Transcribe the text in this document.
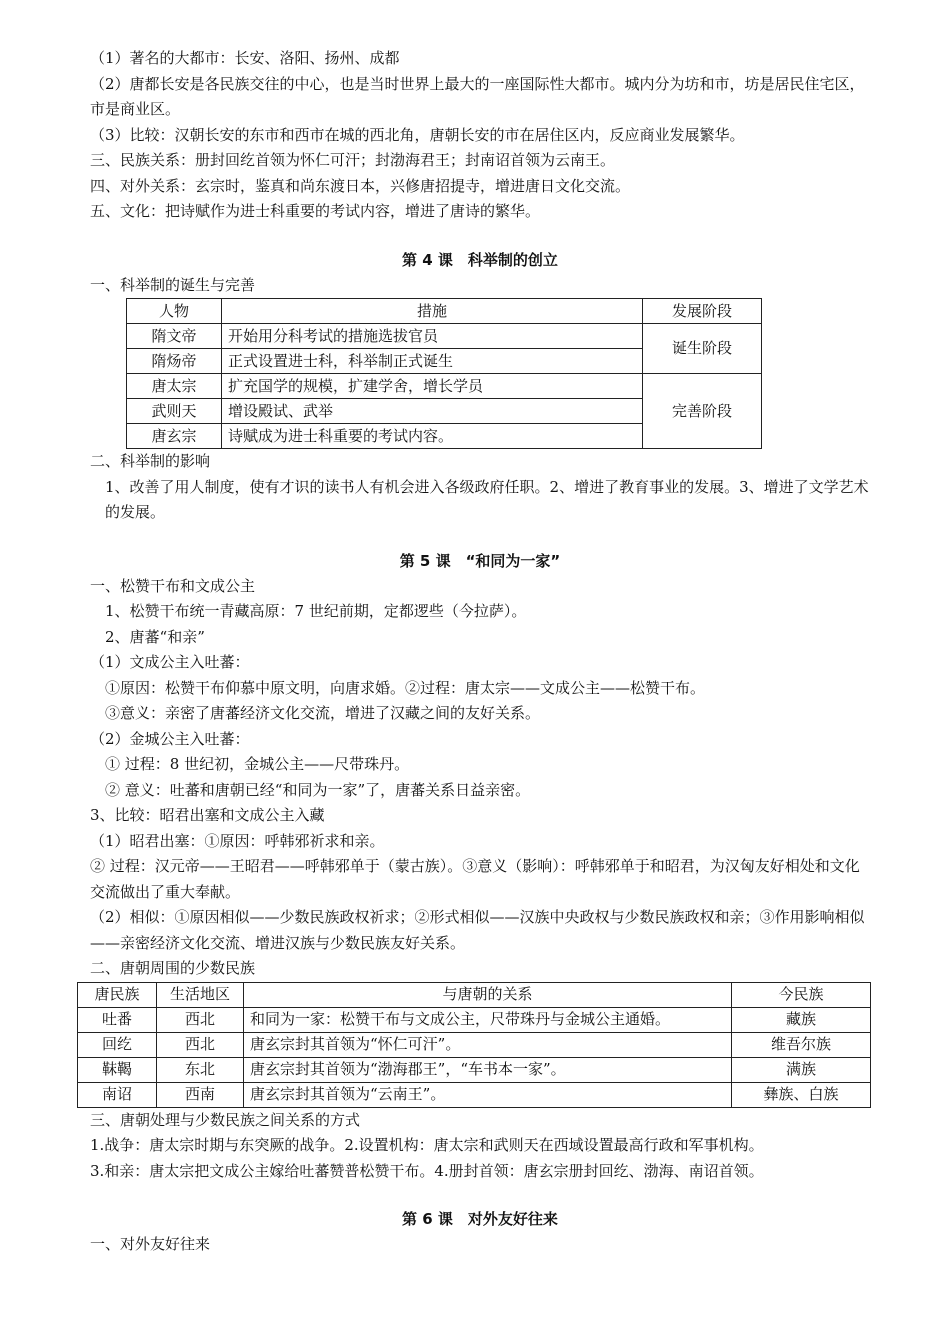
（1）著名的大都市：长安、洛阳、扬州、成都

（2）唐都长安是各民族交往的中心，也是当时世界上最大的一座国际性大都市。城内分为坊和市，坊是居民住宅区，市是商业区。

（3）比较：汉朝长安的东市和西市在城的西北角，唐朝长安的市在居住区内，反应商业发展繁华。

三、民族关系：册封回纥首领为怀仁可汗；封渤海君王；封南诏首领为云南王。

四、对外关系：玄宗时，鉴真和尚东渡日本，兴修唐招提寺，增进唐日文化交流。

五、文化：把诗赋作为进士科重要的考试内容，增进了唐诗的繁华。

第 4 课　科举制的创立

一、科举制的诞生与完善

人物	措施	发展阶段
隋文帝	开始用分科考试的措施选拔官员	诞生阶段
隋炀帝	正式设置进士科，科举制正式诞生	
唐太宗	扩充国学的规模，扩建学舍，增长学员	完善阶段
武则天	增设殿试、武举	
唐玄宗	诗赋成为进士科重要的考试内容。	

二、科举制的影响

1、改善了用人制度，使有才识的读书人有机会进入各级政府任职。2、增进了教育事业的发展。3、增进了文学艺术的发展。

第 5 课　“和同为一家”

一、松赞干布和文成公主

1、松赞干布统一青藏高原：7 世纪前期，定都逻些（今拉萨）。

2、唐蕃“和亲”

（1）文成公主入吐蕃：

①原因：松赞干布仰慕中原文明，向唐求婚。②过程：唐太宗——文成公主——松赞干布。

③意义：亲密了唐蕃经济文化交流，增进了汉藏之间的友好关系。

（2）金城公主入吐蕃：

① 过程：8 世纪初，金城公主——尺带珠丹。

② 意义：吐蕃和唐朝已经“和同为一家”了，唐蕃关系日益亲密。

3、比较：昭君出塞和文成公主入藏

（1）昭君出塞：①原因：呼韩邪祈求和亲。

② 过程：汉元帝——王昭君——呼韩邪单于（蒙古族）。③意义（影响）：呼韩邪单于和昭君，为汉匈友好相处和文化交流做出了重大奉献。

（2）相似：①原因相似——少数民族政权祈求；②形式相似——汉族中央政权与少数民族政权和亲；③作用影响相似——亲密经济文化交流、增进汉族与少数民族友好关系。

二、唐朝周围的少数民族

唐民族	生活地区	与唐朝的关系	今民族
吐番	西北	和同为一家：松赞干布与文成公主，尺带珠丹与金城公主通婚。	藏族
回纥	西北	唐玄宗封其首领为“怀仁可汗”。	维吾尔族
靺鞨	东北	唐玄宗封其首领为“渤海郡王”，“车书本一家”。	满族
南诏	西南	唐玄宗封其首领为“云南王”。	彝族、白族

三、唐朝处理与少数民族之间关系的方式

1.战争：唐太宗时期与东突厥的战争。2.设置机构：唐太宗和武则天在西域设置最高行政和军事机构。

3.和亲：唐太宗把文成公主嫁给吐蕃赞普松赞干布。4.册封首领：唐玄宗册封回纥、渤海、南诏首领。

第 6 课　对外友好往来

一、对外友好往来
